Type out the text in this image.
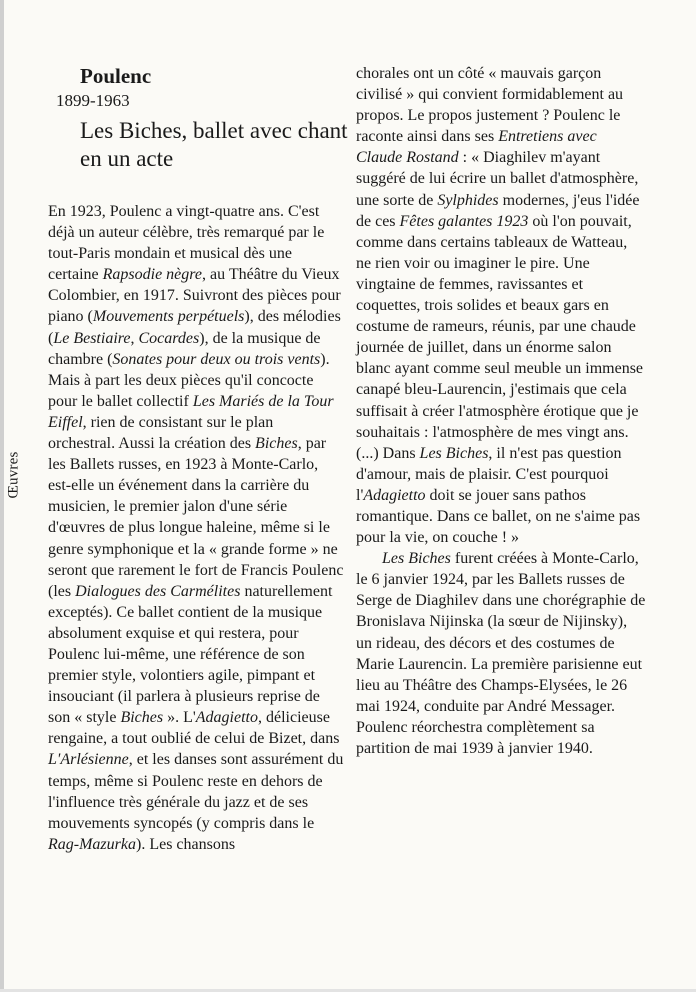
Œuvres
Poulenc
1899-1963
Les Biches, ballet avec chant en un acte

En 1923, Poulenc a vingt-quatre ans. C'est déjà un auteur célèbre, très remarqué par le tout-Paris mondain et musical dès une certaine Rapsodie nègre, au Théâtre du Vieux Colombier, en 1917. Suivront des pièces pour piano (Mouvements perpétuels), des mélodies (Le Bestiaire, Cocardes), de la musique de chambre (Sonates pour deux ou trois vents). Mais à part les deux pièces qu'il concocte pour le ballet collectif Les Mariés de la Tour Eiffel, rien de consistant sur le plan orchestral. Aussi la création des Biches, par les Ballets russes, en 1923 à Monte-Carlo, est-elle un événement dans la carrière du musicien, le premier jalon d'une série d'œuvres de plus longue haleine, même si le genre symphonique et la « grande forme » ne seront que rarement le fort de Francis Poulenc (les Dialogues des Carmélites naturellement exceptés). Ce ballet contient de la musique absolument exquise et qui restera, pour Poulenc lui-même, une référence de son premier style, volontiers agile, pimpant et insouciant (il parlera à plusieurs reprise de son « style Biches ». L'Adagietto, délicieuse rengaine, a tout oublié de celui de Bizet, dans L'Arlésienne, et les danses sont assurément du temps, même si Poulenc reste en dehors de l'influence très générale du jazz et de ses mouvements syncopés (y compris dans le Rag-Mazurka). Les chansons

chorales ont un côté « mauvais garçon civilisé » qui convient formidablement au propos. Le propos justement ? Poulenc le raconte ainsi dans ses Entretiens avec Claude Rostand : « Diaghilev m'ayant suggéré de lui écrire un ballet d'atmosphère, une sorte de Sylphides modernes, j'eus l'idée de ces Fêtes galantes 1923 où l'on pouvait, comme dans certains tableaux de Watteau, ne rien voir ou imaginer le pire. Une vingtaine de femmes, ravissantes et coquettes, trois solides et beaux gars en costume de rameurs, réunis, par une chaude journée de juillet, dans un énorme salon blanc ayant comme seul meuble un immense canapé bleu-Laurencin, j'estimais que cela suffisait à créer l'atmosphère érotique que je souhaitais : l'atmosphère de mes vingt ans. (...) Dans Les Biches, il n'est pas question d'amour, mais de plaisir. C'est pourquoi l'Adagietto doit se jouer sans pathos romantique. Dans ce ballet, on ne s'aime pas pour la vie, on couche ! »

Les Biches furent créées à Monte-Carlo, le 6 janvier 1924, par les Ballets russes de Serge de Diaghilev dans une chorégraphie de Bronislava Nijinska (la sœur de Nijinsky), un rideau, des décors et des costumes de Marie Laurencin. La première parisienne eut lieu au Théâtre des Champs-Elysées, le 26 mai 1924, conduite par André Messager. Poulenc réorchestra complètement sa partition de mai 1939 à janvier 1940.
